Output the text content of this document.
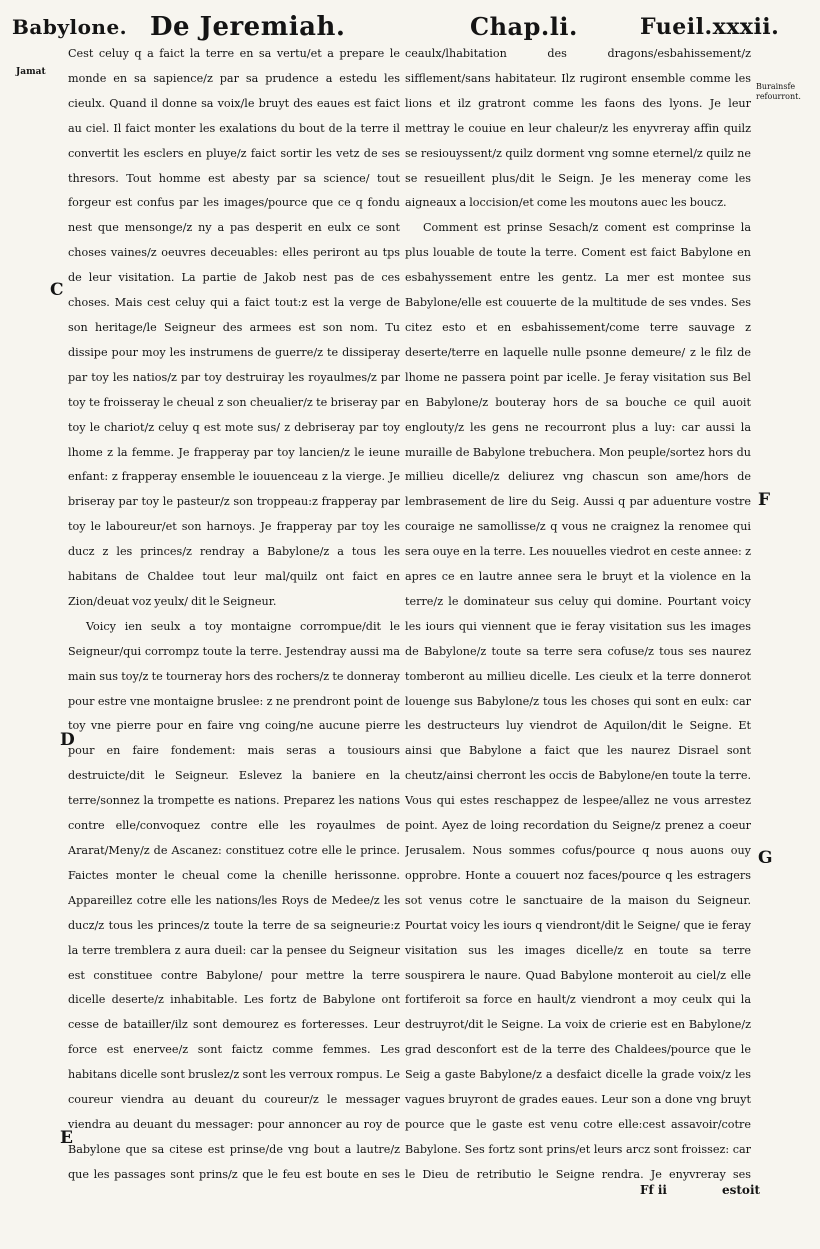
Babylone. De Jeremiah.	Chap.li.	Fueil.xxxii.
Jamat
C
D
E
F
G
Burainsfe refourront.

Cest celuy q a faict la terre en sa vertu/et a prepare le monde en sa sapience/z par sa prudence a estedu les cieulx. Quand il donne sa voix/le bruyt des eaues est faict au ciel. Il faict monter les exalations du bout de la terre il convertit les esclers en pluye/z faict sortir les vetz de ses thresors. Tout homme est abesty par sa science/ tout forgeur est confus par les images/pource que ce q fondu nest que mensonge/z ny a pas desperit en eulx ce sont choses vaines/z oeuvres deceuables: elles periront au tps de leur visitation. La partie de Jakob nest pas de ces choses. Mais cest celuy qui a faict tout:z est la verge de son heritage/le Seigneur des armees est son nom. Tu dissipe pour moy les instrumens de guerre/z te dissiperay par toy les natios/z par toy destruiray les royaulmes/z par toy te froisseray le cheual z son cheualier/z te briseray par toy le chariot/z celuy q est mote sus/ z debriseray par toy lhome z la femme. Je frapperay par toy lancien/z le ieune enfant: z frapperay ensemble le iouuenceau z la vierge. Je briseray par toy le pasteur/z son troppeau:z frapperay par toy le laboureur/et son harnoys. Je frapperay par toy les ducz z les princes/z rendray a Babylone/z a tous les habitans de Chaldee tout leur mal/quilz ont faict en Zion/deuat voz yeulx/ dit le Seigneur.

Voicy ien seulx a toy montaigne corrompue/dit le Seigneur/qui corrompz toute la terre. Jestendray aussi ma main sus toy/z te tourneray hors des rochers/z te donneray pour estre vne montaigne bruslee: z ne prendront point de toy vne pierre pour en faire vng coing/ne aucune pierre pour en faire fondement: mais seras a tousiours destruicte/dit le Seigneur. Eslevez la baniere en la terre/sonnez la trompette es nations. Preparez les nations contre elle/convoquez contre elle les royaulmes de Ararat/Meny/z de Ascanez: constituez cotre elle le prince. Faictes monter le cheual come la chenille herissonne. Appareillez cotre elle les nations/les Roys de Medee/z les ducz/z tous les princes/z toute la terre de sa seigneurie:z la terre tremblera z aura dueil: car la pensee du Seigneur est constituee contre Babylone/ pour mettre la terre dicelle deserte/z inhabitable. Les fortz de Babylone ont cesse de batailler/ilz sont demourez es forteresses. Leur force est enervee/z sont faictz comme femmes. Les habitans dicelle sont bruslez/z sont les verroux rompus. Le coureur viendra au deuant du coureur/z le messager viendra au deuant du messager: pour annoncer au roy de Babylone que sa citese est prinse/de vng bout a lautre/z que les passages sont prins/z que le feu est boute en ses

ceaulx/lhabitation des dragons/esbahissement/z sifflement/sans habitateur. Ilz rugiront ensemble comme les lions et ilz gratront comme les faons des lyons. Je leur mettray le couiue en leur chaleur/z les enyvreray affin quilz se resiouyssent/z quilz dorment vng somne eternel/z quilz ne se resueillent plus/dit le Seign. Je les meneray come les aigneaux a loccision/et come les moutons auec les boucz.

Comment est prinse Sesach/z coment est comprinse la plus louable de toute la terre. Coment est faict Babylone en esbahyssement entre les gentz. La mer est montee sus Babylone/elle est couuerte de la multitude de ses vndes. Ses citez esto et en esbahissement/come terre sauvage z deserte/terre en laquelle nulle psonne demeure/ z le filz de lhome ne passera point par icelle. Je feray visitation sus Bel en Babylone/z bouteray hors de sa bouche ce quil auoit englouty/z les gens ne recourront plus a luy: car aussi la muraille de Babylone trebuchera. Mon peuple/sortez hors du millieu dicelle/z deliurez vng chascun son ame/hors de lembrasement de lire du Seig. Aussi q par aduenture vostre couraige ne samollisse/z q vous ne craignez la renomee qui sera ouye en la terre. Les nouuelles viedrot en ceste annee: z apres ce en lautre annee sera le bruyt et la violence en la terre/z le dominateur sus celuy qui domine. Pourtant voicy les iours qui viennent que ie feray visitation sus les images de Babylone/z toute sa terre sera cofuse/z tous ses naurez tomberont au millieu dicelle. Les cieulx et la terre donnerot louenge sus Babylone/z tous les choses qui sont en eulx: car les destructeurs luy viendrot de Aquilon/dit le Seigne. Et ainsi que Babylone a faict que les naurez Disrael sont cheutz/ainsi cherront les occis de Babylone/en toute la terre. Vous qui estes reschappez de lespee/allez ne vous arrestez point. Ayez de loing recordation du Seigne/z prenez a coeur Jerusalem. Nous sommes cofus/pource q nous auons ouy opprobre. Honte a couuert noz faces/pource q les estragers sot venus cotre le sanctuaire de la maison du Seigneur. Pourtat voicy les iours q viendront/dit le Seigne/ que ie feray visitation sus les images dicelle/z en toute sa terre souspirera le naure. Quad Babylone monteroit au ciel/z elle fortiferoit sa force en hault/z viendront a moy ceulx qui la destruyrot/dit le Seigne. La voix de crierie est en Babylone/z grad desconfort est de la terre des Chaldees/pource que le Seig a gaste Babylone/z a desfaict dicelle la grade voix/z les vagues bruyront de grades eaues. Leur son a done vng bruyt pource que le gaste est venu cotre elle:cest assavoir/cotre Babylone. Ses fortz sont prins/et leurs arcz sont froissez: car le Dieu de retributio le Seigne rendra. Je enyvreray ses

Ff ii	estoit
